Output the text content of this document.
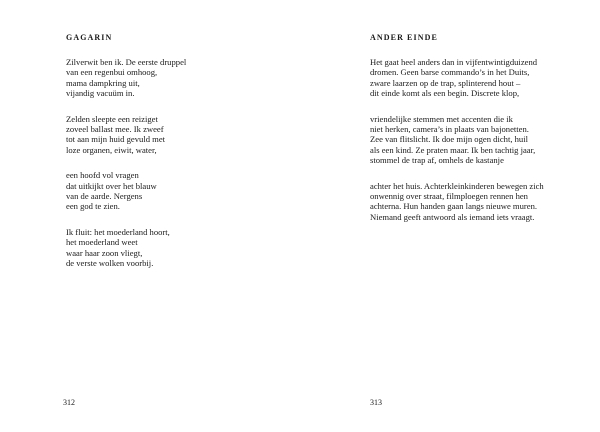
GAGARIN

Zilverwit ben ik. De eerste druppel
van een regenbui omhoog,
mama dampkring uit,
vijandig vacuüm in.

Zelden sleepte een reiziget
zoveel ballast mee. Ik zweef
tot aan mijn huid gevuld met
loze organen, eiwit, water,

een hoofd vol vragen
dat uitkijkt over het blauw
van de aarde. Nergens
een god te zien.

Ik fluit: het moederland hoort,
het moederland weet
waar haar zoon vliegt,
de verste wolken voorbij.

312
ANDER EINDE

Het gaat heel anders dan in vijfentwintigduizend
dromen. Geen barse commando’s in het Duits,
zware laarzen op de trap, splinterend hout –
dit einde komt als een begin. Discrete klop,

vriendelijke stemmen met accenten die ik
niet herken, camera’s in plaats van bajonetten.
Zee van flitslicht. Ik doe mijn ogen dicht, huil
als een kind. Ze praten maar. Ik ben tachtig jaar,
stommel de trap af, omhels de kastanje

achter het huis. Achterkleinkinderen bewegen zich
onwennig over straat, filmploegen rennen hen
achterna. Hun handen gaan langs nieuwe muren.
Niemand geeft antwoord als iemand iets vraagt.

313
